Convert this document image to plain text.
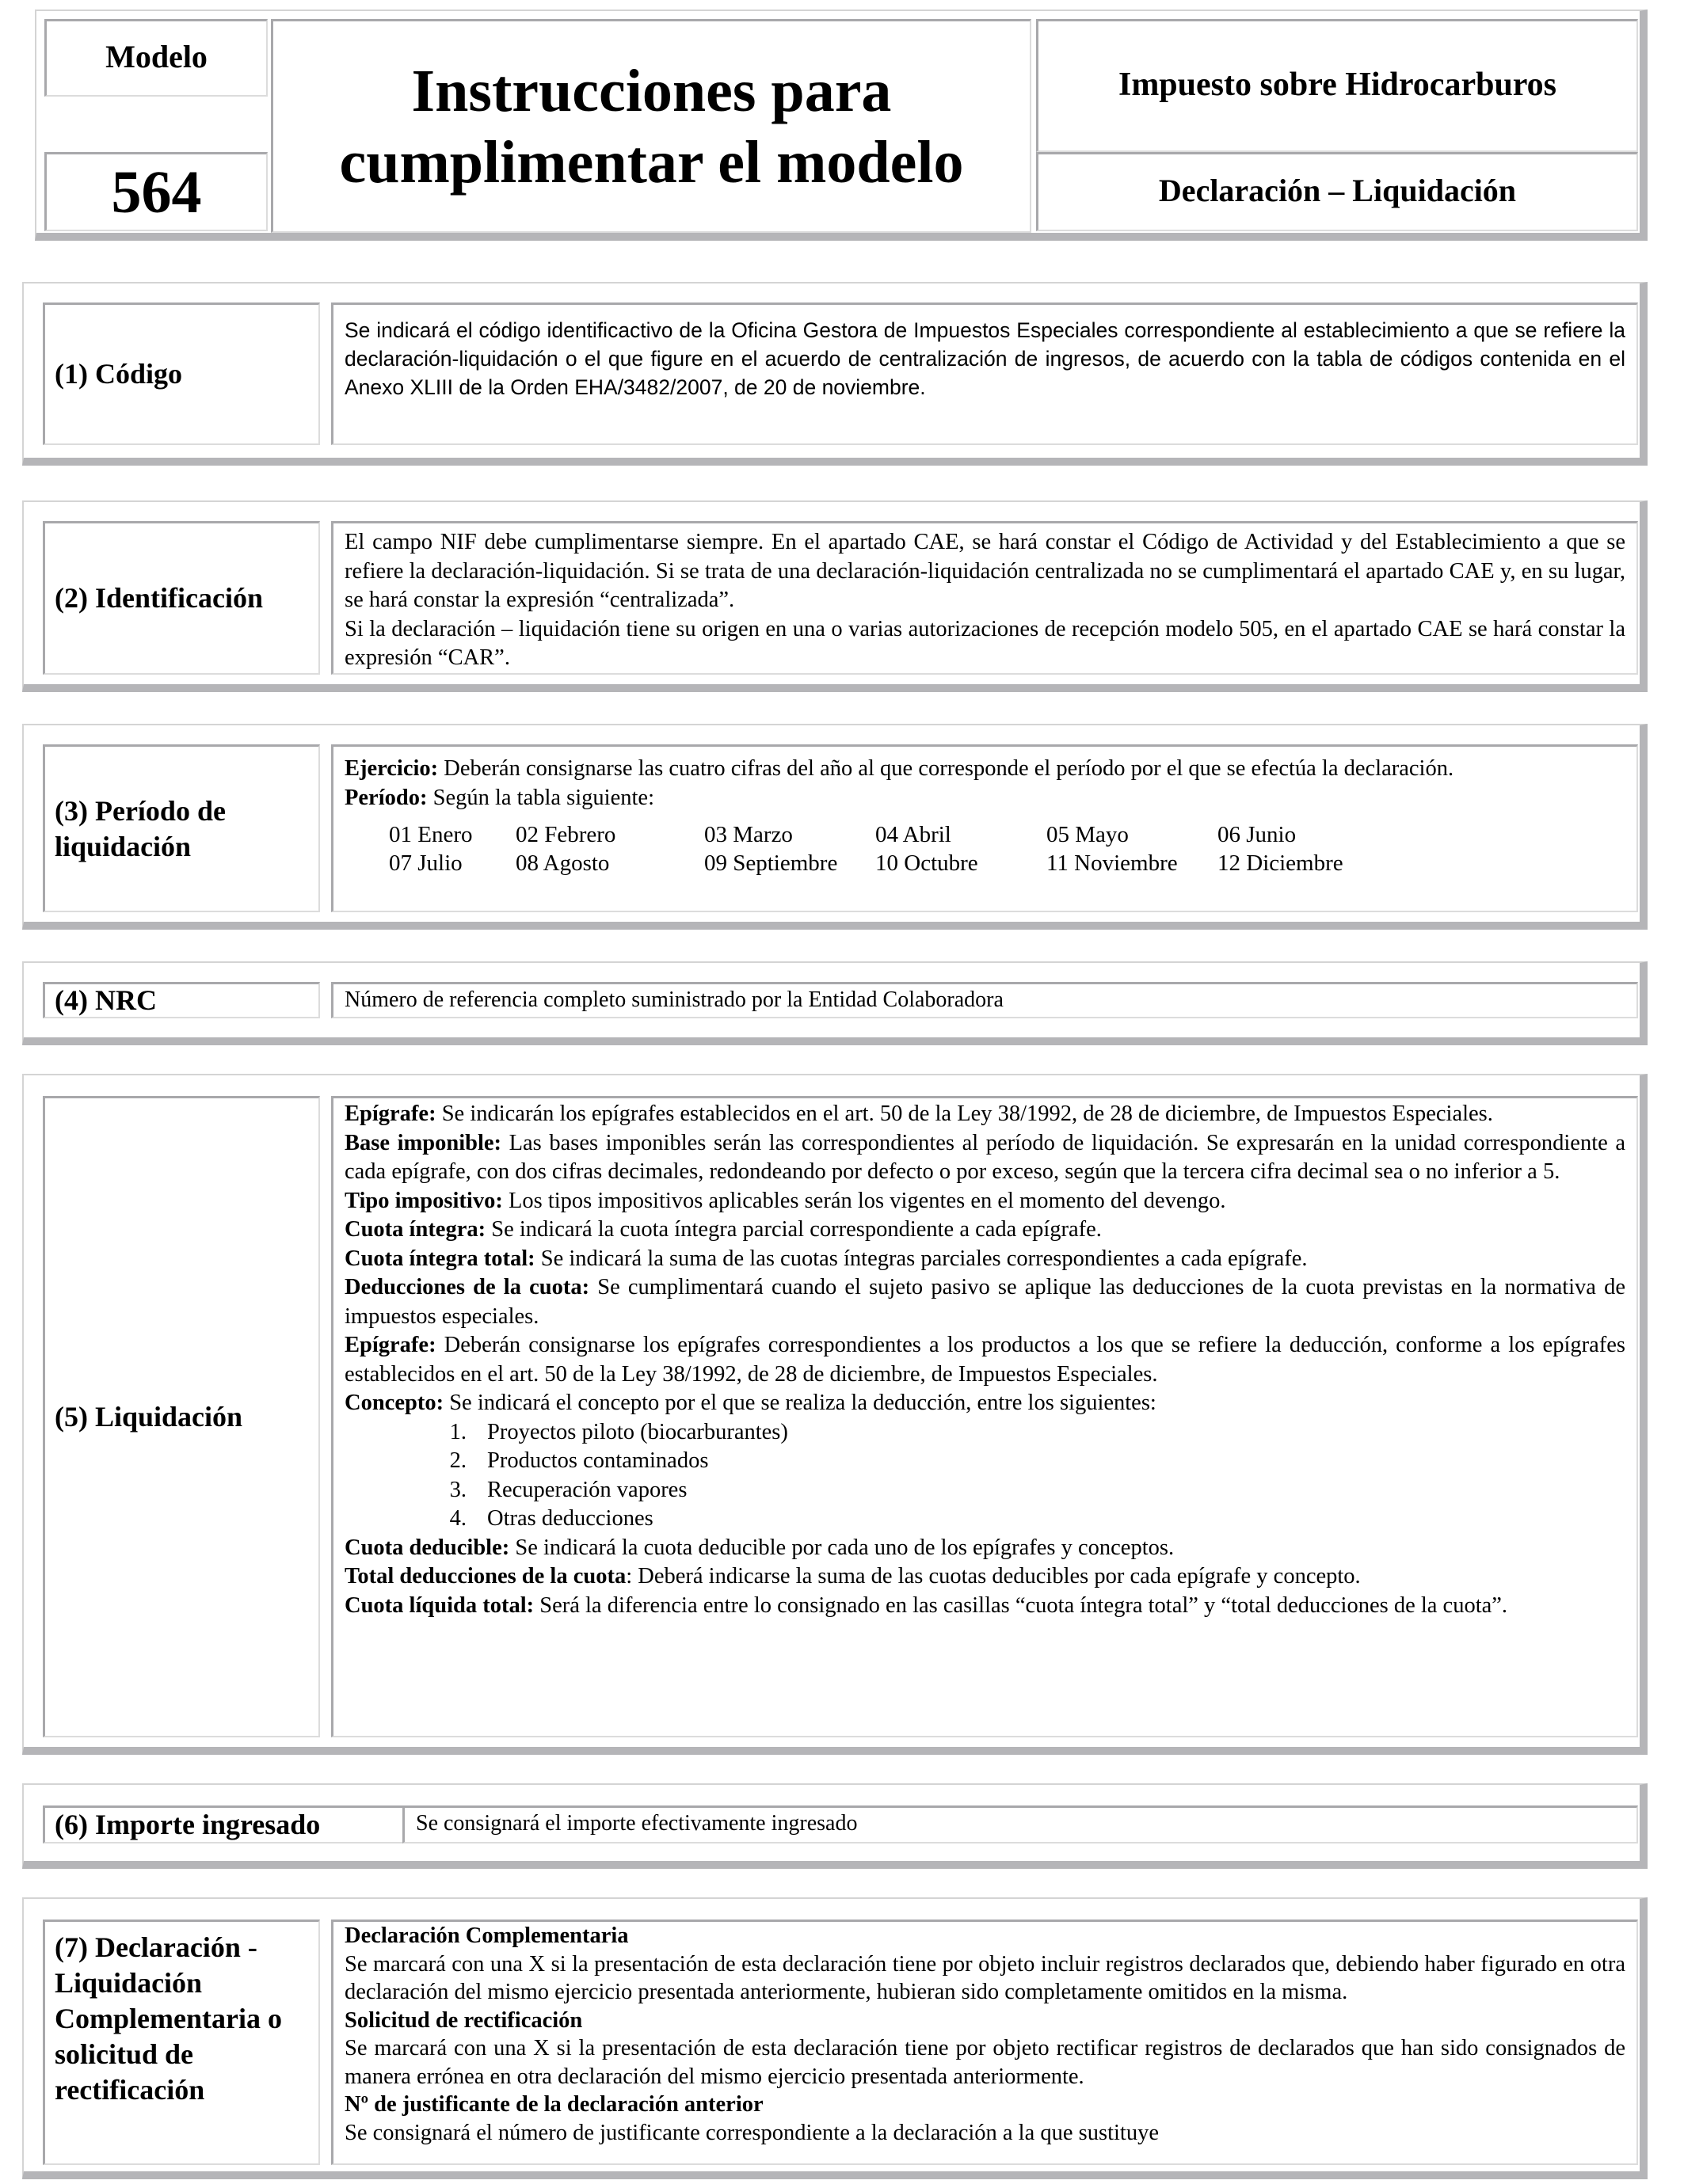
Modelo
564
Instrucciones para
cumplimentar el modelo
Impuesto sobre Hidrocarburos
Declaración – Liquidación
(1) Código

Se indicará el código identificactivo de la Oficina Gestora de Impuestos Especiales correspondiente al establecimiento a que se refiere la declaración-liquidación o el que figure en el acuerdo de centralización de ingresos, de acuerdo con la tabla de códigos contenida en el Anexo XLIII de la Orden EHA/3482/2007, de 20 de noviembre.

(2) Identificación

El campo NIF debe cumplimentarse siempre. En el apartado CAE, se hará constar el Código de Actividad y del Establecimiento a que se refiere la declaración-liquidación. Si se trata de una declaración-liquidación centralizada no se cumplimentará el apartado CAE y, en su lugar, se hará constar la expresión “centralizada”.

Si la declaración – liquidación tiene su origen en una o varias autorizaciones de recepción modelo 505, en el apartado CAE se hará constar la expresión “CAR”.

(3) Período de
liquidación

Ejercicio: Deberán consignarse las cuatro cifras del año al que corresponde el período por el que se efectúa la declaración.

Período: Según la tabla siguiente:

01 Enero	02 Febrero	03 Marzo	04 Abril	05 Mayo	06 Junio
07 Julio	08 Agosto	09 Septiembre	10 Octubre	11 Noviembre	12 Diciembre
(4) NRC	Número de referencia completo suministrado por la Entidad Colaboradora
(5) Liquidación

Epígrafe: Se indicarán los epígrafes establecidos en el art. 50 de la Ley 38/1992, de 28 de diciembre, de Impuestos Especiales.

Base imponible: Las bases imponibles serán las correspondientes al período de liquidación. Se expresarán en la unidad correspondiente a cada epígrafe, con dos cifras decimales, redondeando por defecto o por exceso, según que la tercera cifra decimal sea o no inferior a 5.

Tipo impositivo: Los tipos impositivos aplicables serán los vigentes en el momento del devengo.

Cuota íntegra: Se indicará la cuota íntegra parcial correspondiente a cada epígrafe.

Cuota íntegra total: Se indicará la suma de las cuotas íntegras parciales correspondientes a cada epígrafe.

Deducciones de la cuota: Se cumplimentará cuando el sujeto pasivo se aplique las deducciones de la cuota previstas en la normativa de impuestos especiales.

Epígrafe: Deberán consignarse los epígrafes correspondientes a los productos a los que se refiere la deducción, conforme a los epígrafes establecidos en el art. 50 de la Ley 38/1992, de 28 de diciembre, de Impuestos Especiales.

Concepto: Se indicará el concepto por el que se realiza la deducción, entre los siguientes:

1. Proyectos piloto (biocarburantes)
2. Productos contaminados
3. Recuperación vapores
4. Otras deducciones

Cuota deducible: Se indicará la cuota deducible por cada uno de los epígrafes y conceptos.

Total deducciones de la cuota: Deberá indicarse la suma de las cuotas deducibles por cada epígrafe y concepto.

Cuota líquida total: Será la diferencia entre lo consignado en las casillas “cuota íntegra total” y “total deducciones de la cuota”.

(6) Importe ingresado	Se consignará el importe efectivamente ingresado
(7) Declaración -
Liquidación
Complementaria o
solicitud de
rectificación

Declaración Complementaria

Se marcará con una X si la presentación de esta declaración tiene por objeto incluir registros declarados que, debiendo haber figurado en otra declaración del mismo ejercicio presentada anteriormente, hubieran sido completamente omitidos en la misma.

Solicitud de rectificación

Se marcará con una X si la presentación de esta declaración tiene por objeto rectificar registros de declarados que han sido consignados de manera errónea en otra declaración del mismo ejercicio presentada anteriormente.

Nº de justificante de la declaración anterior

Se consignará el número de justificante correspondiente a la declaración a la que sustituye
